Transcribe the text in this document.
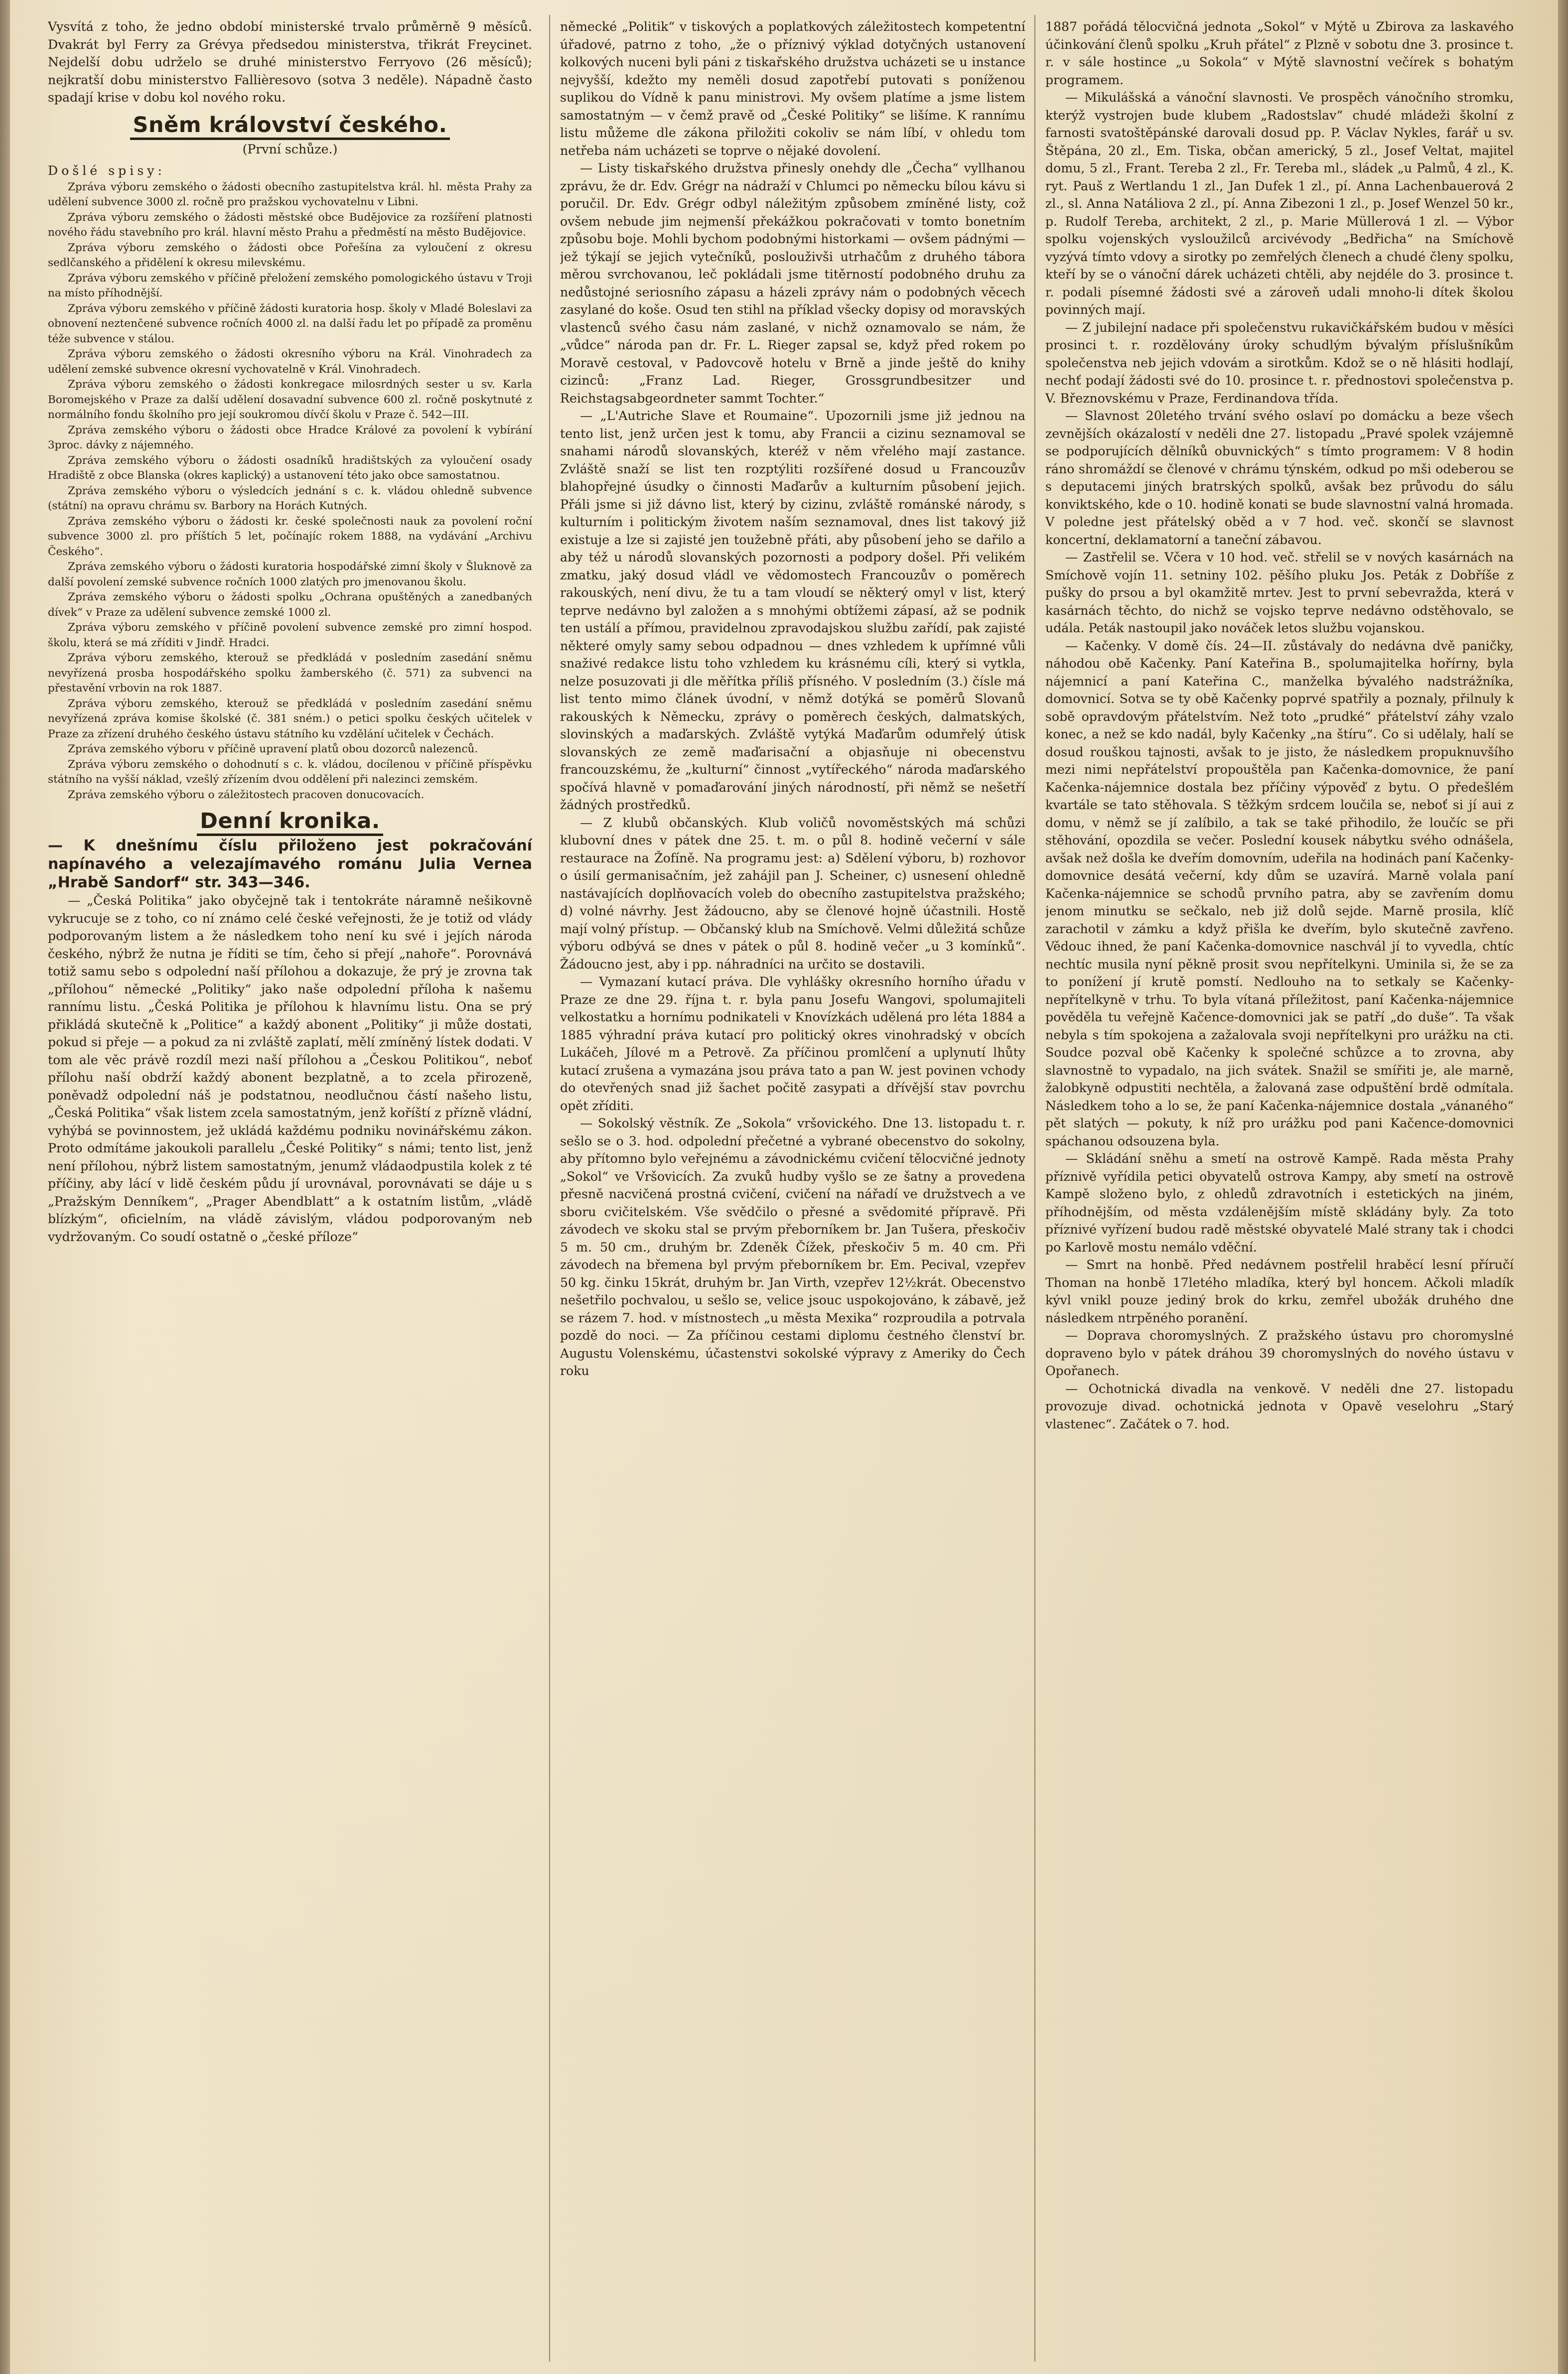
Vysvítá z toho, že jedno období ministerské trvalo průměrně 9 měsíců. Dvakrát byl Ferry za Grévya předsedou ministerstva, třikrát Freycinet. Nejdelší dobu udrželo se druhé ministerstvo Ferryovo (26 měsíců); nejkratší dobu ministerstvo Fallièresovo (sotva 3 neděle). Nápadně často spadají krise v dobu kol nového roku.

Sněm království českého.

(První schůze.)

Došlé spisy:

Zpráva výboru zemského o žádosti obecního zastupitelstva král. hl. města Prahy za udělení subvence 3000 zl. ročně pro pražskou vychovatelnu v Libni.

Zpráva výboru zemského o žádosti městské obce Budějovice za rozšíření platnosti nového řádu stavebního pro král. hlavní město Prahu a předměstí na město Budějovice.

Zpráva výboru zemského o žádosti obce Pořešína za vyloučení z okresu sedlčanského a přidělení k okresu milevskému.

Zpráva výboru zemského v příčině přeložení zemského pomologického ústavu v Troji na místo příhodnější.

Zpráva výboru zemského v příčině žádosti kuratoria hosp. školy v Mladé Boleslavi za obnovení neztenčené subvence ročních 4000 zl. na další řadu let po případě za proměnu téže subvence v stálou.

Zpráva výboru zemského o žádosti okresního výboru na Král. Vinohradech za udělení zemské subvence okresní vychovatelně v Král. Vinohradech.

Zpráva výboru zemského o žádosti konkregace milosrdných sester u sv. Karla Boromejského v Praze za další udělení dosavadní subvence 600 zl. ročně poskytnuté z normálního fondu školního pro její soukromou dívčí školu v Praze č. 542—III.

Zpráva zemského výboru o žádosti obce Hradce Králové za povolení k vybírání 3proc. dávky z nájemného.

Zpráva zemského výboru o žádosti osadníků hradištských za vyloučení osady Hradiště z obce Blanska (okres kaplický) a ustanovení této jako obce samostatnou.

Zpráva zemského výboru o výsledcích jednání s c. k. vládou ohledně subvence (státní) na opravu chrámu sv. Barbory na Horách Kutných.

Zpráva zemského výboru o žádosti kr. české společnosti nauk za povolení roční subvence 3000 zl. pro příštích 5 let, počínajíc rokem 1888, na vydávání „Archivu Českého“.

Zpráva zemského výboru o žádosti kuratoria hospodářské zimní školy v Šluknově za další povolení zemské subvence ročních 1000 zlatých pro jmenovanou školu.

Zpráva zemského výboru o žádosti spolku „Ochrana opuštěných a zanedbaných dívek“ v Praze za udělení subvence zemské 1000 zl.

Zpráva výboru zemského v příčině povolení subvence zemské pro zimní hospod. školu, která se má zříditi v Jindř. Hradci.

Zpráva výboru zemského, kterouž se předkládá v posledním zasedání sněmu nevyřízená prosba hospodářského spolku žamberského (č. 571) za subvenci na přestavění vrbovin na rok 1887.

Zpráva výboru zemského, kterouž se předkládá v posledním zasedání sněmu nevyřízená zpráva komise školské (č. 381 sném.) o petici spolku českých učitelek v Praze za zřízení druhého českého ústavu státního ku vzdělání učitelek v Čechách.

Zpráva zemského výboru v příčině upravení platů obou dozorců nalezenců.

Zpráva výboru zemského o dohodnutí s c. k. vládou, docílenou v příčině příspěvku státního na vyšší náklad, vzešlý zřízením dvou oddělení při nalezinci zemském.

Zpráva zemského výboru o záležitostech pracoven donucovacích.

Denní kronika.

— K dnešnímu číslu přiloženo jest pokračování napínavého a velezajímavého románu Julia Vernea „Hrabě Sandorf“ str. 343—346.

— „Česká Politika“ jako obyčejně tak i tentokráte náramně nešikovně vykrucuje se z toho, co ní známo celé české veřejnosti, že je totiž od vlády podporovaným listem a že následkem toho není ku své i jejích národa českého, nýbrž že nutna je říditi se tím, čeho si přejí „nahoře“. Porovnává totiž samu sebo s odpolední naší přílohou a dokazuje, že prý je zrovna tak „přílohou“ německé „Politiky“ jako naše odpolední příloha k našemu rannímu listu. „Česká Politika je přílohou k hlavnímu listu. Ona se prý přikládá skutečně k „Politice“ a každý abonent „Politiky“ ji může dostati, pokud si přeje — a pokud za ni zvláště zaplatí, mělí zmíněný lístek dodati. V tom ale věc právě rozdíl mezi naší přílohou a „Českou Politikou“, neboť přílohu naší obdrží každý abonent bezplatně, a to zcela přirozeně, poněvadž odpolední náš je podstatnou, neodlučnou částí našeho listu, „Česká Politika“ však listem zcela samostatným, jenž koříští z přízně vládní, vyhýbá se povinnostem, jež ukládá každému podniku novinářskému zákon. Proto odmítáme jakoukoli parallelu „České Politiky“ s námi; tento list, jenž není přílohou, nýbrž listem samostatným, jenumž vládaodpustila kolek z té příčiny, aby lácí v lidě českém půdu jí urovnával, porovnávati se dáje u s „Pražským Denníkem“, „Prager Abendblatt“ a k ostatním listům, „vládě blízkým“, oficielním, na vládě závislým, vládou podporovaným neb vydržovaným. Co soudí ostatně o „české příloze“

německé „Politik“ v tiskových a poplatkových záležitostech kompetentní úřadové, patrno z toho, „že o příznivý výklad dotyčných ustanovení kolkových nuceni byli páni z tiskařského družstva ucházeti se u instance nejvyšší, kdežto my neměli dosud zapotřebí putovati s poníženou suplikou do Vídně k panu ministrovi. My ovšem platíme a jsme listem samostatným — v čemž pravě od „České Politiky“ se lišíme. K rannímu listu můžeme dle zákona přiložiti cokoliv se nám líbí, v ohledu tom netřeba nám ucházeti se toprve o nějaké dovolení.

— Listy tiskařského družstva přinesly onehdy dle „Čecha“ vyllhanou zprávu, že dr. Edv. Grégr na nádraží v Chlumci po německu bílou kávu si poručil. Dr. Edv. Grégr odbyl náležitým způsobem zmíněné listy, což ovšem nebude jim nejmenší překážkou pokračovati v tomto bonetním způsobu boje. Mohli bychom podobnými historkami — ovšem pádnými — jež týkají se jejich vytečníků, poslouživši utrhačům z druhého tábora měrou svrchovanou, leč pokládali jsme titěrností podobného druhu za nedůstojné seriosního zápasu a házeli zprávy nám o podobných věcech zasylané do koše. Osud ten stihl na příklad všecky dopisy od moravských vlastenců svého času nám zaslané, v nichž oznamovalo se nám, že „vůdce“ národa pan dr. Fr. L. Rieger zapsal se, když před rokem po Moravě cestoval, v Padovcově hotelu v Brně a jinde ještě do knihy cizinců: „Franz Lad. Rieger, Grossgrundbesitzer und Reichstagsabgeordneter sammt Tochter.“

— „L'Autriche Slave et Roumaine“. Upozornili jsme již jednou na tento list, jenž určen jest k tomu, aby Francii a cizinu seznamoval se snahami národů slovanských, kteréž v něm vřelého mají zastance. Zvláště snaží se list ten rozptýliti rozšířené dosud u Francouzův blahopřejné úsudky o činnosti Maďarův a kulturním působení jejich. Přáli jsme si již dávno list, který by cizinu, zvláště románské národy, s kulturním i politickým životem naším seznamoval, dnes list takový již existuje a lze si zajisté jen toužebně přáti, aby působení jeho se dařilo a aby též u národů slovanských pozornosti a podpory došel. Při velikém zmatku, jaký dosud vládl ve vědomostech Francouzův o poměrech rakouských, není divu, že tu a tam vloudí se některý omyl v list, který teprve nedávno byl založen a s mnohými obtížemi zápasí, až se podnik ten ustálí a přímou, pravidelnou zpravodajskou službu zařídí, pak zajisté některé omyly samy sebou odpadnou — dnes vzhledem k upřímné vůli snaživé redakce listu toho vzhledem ku krásnému cíli, který si vytkla, nelze posuzovati ji dle měřítka příliš přísného. V posledním (3.) čísle má list tento mimo článek úvodní, v němž dotýká se poměrů Slovanů rakouských k Německu, zprávy o poměrech českých, dalmatských, slovinských a maďarských. Zvláště vytýká Maďarům odumřelý útisk slovanských ze země maďarisační a objasňuje ni obecenstvu francouzskému, že „kulturní“ činnost „vytířeckého“ národa maďarského spočívá hlavně v pomaďarování jiných národností, při němž se nešetří žádných prostředků.

— Z klubů občanských. Klub voličů novoměstských má schůzi klubovní dnes v pátek dne 25. t. m. o půl 8. hodině večerní v sále restaurace na Žofíně. Na programu jest: a) Sdělení výboru, b) rozhovor o úsilí germanisačním, jež zahájil pan J. Scheiner, c) usnesení ohledně nastávajících doplňovacích voleb do obecního zastupitelstva pražského; d) volné návrhy. Jest žádoucno, aby se členové hojně účastnili. Hostě mají volný přístup. — Občanský klub na Smíchově. Velmi důležitá schůze výboru odbývá se dnes v pátek o půl 8. hodině večer „u 3 komínků“. Žádoucno jest, aby i pp. náhradníci na určito se dostavili.

— Vymazaní kutací práva. Dle vyhlášky okresního horního úřadu v Praze ze dne 29. října t. r. byla panu Josefu Wangovi, spolumajiteli velkostatku a hornímu podnikateli v Knovízkách udělená pro léta 1884 a 1885 výhradní práva kutací pro politický okres vinohradský v obcích Lukáčeh, Jílové m a Petrově. Za příčinou promlčení a uplynutí lhůty kutací zrušena a vymazána jsou práva tato a pan W. jest povinen vchody do otevřených snad již šachet počitě zasypati a dřívější stav povrchu opět zříditi.

— Sokolský věstník. Ze „Sokola“ vršovického. Dne 13. listopadu t. r. sešlo se o 3. hod. odpolední přečetné a vybrané obecenstvo do sokolny, aby přítomno bylo veřejnému a závodnickému cvičení tělocvičné jednoty „Sokol“ ve Vršovicích. Za zvuků hudby vyšlo se ze šatny a provedena přesně nacvičená prostná cvičení, cvičení na nářadí ve družstvech a ve sboru cvičitelském. Vše svědčilo o přesné a svědomité přípravě. Při závodech ve skoku stal se prvým přeborníkem br. Jan Tušera, přeskočiv 5 m. 50 cm., druhým br. Zdeněk Čížek, přeskočiv 5 m. 40 cm. Při závodech na břemena byl prvým přeborníkem br. Em. Pecival, vzepřev 50 kg. činku 15krát, druhým br. Jan Virth, vzepřev 12½krát. Obecenstvo nešetřilo pochvalou, u sešlo se, velice jsouc uspokojováno, k zábavě, jež se rázem 7. hod. v místnostech „u města Mexika“ rozproudila a potrvala pozdě do noci. — Za příčinou cestami diplomu čestného členství br. Augustu Volenskému, účastenstvi sokolské výpravy z Ameriky do Čech roku

1887 pořádá tělocvičná jednota „Sokol“ v Mýtě u Zbirova za laskavého účinkování členů spolku „Kruh přátel“ z Plzně v sobotu dne 3. prosince t. r. v sále hostince „u Sokola“ v Mýtě slavnostní večírek s bohatým programem.

— Mikulášská a vánoční slavnosti. Ve prospěch vánočního stromku, kterýž vystrojen bude klubem „Radostslav“ chudé mládeži školní z farnosti svatoštěpánské darovali dosud pp. P. Václav Nykles, farář u sv. Štěpána, 20 zl., Em. Tiska, občan americký, 5 zl., Josef Veltat, majitel domu, 5 zl., Frant. Tereba 2 zl., Fr. Tereba ml., sládek „u Palmů, 4 zl., K. ryt. Pauš z Wertlandu 1 zl., Jan Dufek 1 zl., pí. Anna Lachenbauerová 2 zl., sl. Anna Natáliova 2 zl., pí. Anna Zibezoni 1 zl., p. Josef Wenzel 50 kr., p. Rudolf Tereba, architekt, 2 zl., p. Marie Müllerová 1 zl. — Výbor spolku vojenských vysloužilců arcivévody „Bedřicha“ na Smíchově vyzývá tímto vdovy a sirotky po zemřelých členech a chudé členy spolku, kteří by se o vánoční dárek ucházeti chtěli, aby nejdéle do 3. prosince t. r. podali písemné žádosti své a zároveň udali mnoho-li dítek školou povinných mají.

— Z jubilejní nadace při společenstvu rukavičkářském budou v měsíci prosinci t. r. rozdělovány úroky schudlým bývalým příslušníkům společenstva neb jejich vdovám a sirotkům. Kdož se o ně hlásiti hodlají, nechť podají žádosti své do 10. prosince t. r. přednostovi společenstva p. V. Březnovskému v Praze, Ferdinandova třída.

— Slavnost 20letého trvání svého oslaví po domácku a beze všech zevnějších okázalostí v neděli dne 27. listopadu „Pravé spolek vzájemně se podporujících dělníků obuvnických“ s tímto programem: V 8 hodin ráno shromáždí se členové v chrámu týnském, odkud po mši odeberou se s deputacemi jiných bratrských spolků, avšak bez průvodu do sálu konviktského, kde o 10. hodině konati se bude slavnostní valná hromada. V poledne jest přátelský oběd a v 7 hod. več. skončí se slavnost koncertní, deklamatorní a taneční zábavou.

— Zastřelil se. Včera v 10 hod. več. střelil se v nových kasárnách na Smíchově vojín 11. setniny 102. pěšího pluku Jos. Peták z Dobříše z pušky do prsou a byl okamžitě mrtev. Jest to první sebevražda, která v kasárnách těchto, do nichž se vojsko teprve nedávno odstěhovalo, se udála. Peták nastoupil jako nováček letos službu vojanskou.

— Kačenky. V domě čís. 24—II. zůstávaly do nedávna dvě paničky, náhodou obě Kačenky. Paní Kateřina B., spolumajitelka hořírny, byla nájemnicí a paní Kateřina C., manželka bývalého nadstrážníka, domovnicí. Sotva se ty obě Kačenky poprvé spatřily a poznaly, přilnuly k sobě opravdovým přátelstvím. Než toto „prudké“ přátelství záhy vzalo konec, a než se kdo nadál, byly Kačenky „na štíru“. Co si udělaly, halí se dosud rouškou tajnosti, avšak to je jisto, že následkem propuknuvšího mezi nimi nepřátelství propouštěla pan Kačenka-domovnice, že paní Kačenka-nájemnice dostala bez příčiny výpověď z bytu. O předešlém kvartále se tato stěhovala. S těžkým srdcem loučila se, neboť si jí aui z domu, v němž se jí zalíbilo, a tak se také přihodilo, že loučíc se při stěhování, opozdila se večer. Poslední kousek nábytku svého odnášela, avšak než došla ke dveřím domovním, udeřila na hodinách paní Kačenky-domovnice desátá večerní, kdy dům se uzavírá. Marně volala paní Kačenka-nájemnice se schodů prvního patra, aby se zavřením domu jenom minutku se sečkalo, neb již dolů sejde. Marně prosila, klíč zarachotil v zámku a když přišla ke dveřím, bylo skutečně zavřeno. Vědouc ihned, že paní Kačenka-domovnice naschvál jí to vyvedla, chtíc nechtíc musila nyní pěkně prosit svou nepřítelkyni. Uminila si, že se za to ponížení jí krutě pomstí. Nedlouho na to setkaly se Kačenky-nepřítelkyně v trhu. To byla vítaná příležitost, paní Kačenka-nájemnice pověděla tu veřejně Kačence-domovnici jak se patří „do duše“. Ta však nebyla s tím spokojena a zažalovala svoji nepřítelkyni pro urážku na cti. Soudce pozval obě Kačenky k společné schůzce a to zrovna, aby slavnostně to vypadalo, na jich svátek. Snažil se smířiti je, ale marně, žalobkyně odpustiti nechtěla, a žalovaná zase odpuštění brdě odmítala. Následkem toho a lo se, že paní Kačenka-nájemnice dostala „vánaného“ pět slatých — pokuty, k níž pro urážku pod pani Kačence-domovnici spáchanou odsouzena byla.

— Skládání sněhu a smetí na ostrově Kampě. Rada města Prahy příznivě vyřídila petici obyvatelů ostrova Kampy, aby smetí na ostrově Kampě složeno bylo, z ohledů zdravotních i estetických na jiném, příhodnějším, od města vzdálenějším místě skládány byly. Za toto příznivé vyřízení budou radě městské obyvatelé Malé strany tak i chodci po Karlově mostu nemálo vděční.

— Smrt na honbě. Před nedávnem postřelil hraběcí lesní příručí Thoman na honbě 17letého mladíka, který byl honcem. Ačkoli mladík kývl vnikl pouze jediný brok do krku, zemřel ubožák druhého dne následkem ntrpěného poranění.

— Doprava choromyslných. Z pražského ústavu pro choromyslné dopraveno bylo v pátek dráhou 39 choromyslných do nového ústavu v Opořanech.

— Ochotnická divadla na venkově. V neděli dne 27. listopadu provozuje divad. ochotnická jednota v Opavě veselohru „Starý vlastenec“. Začátek o 7. hod.
